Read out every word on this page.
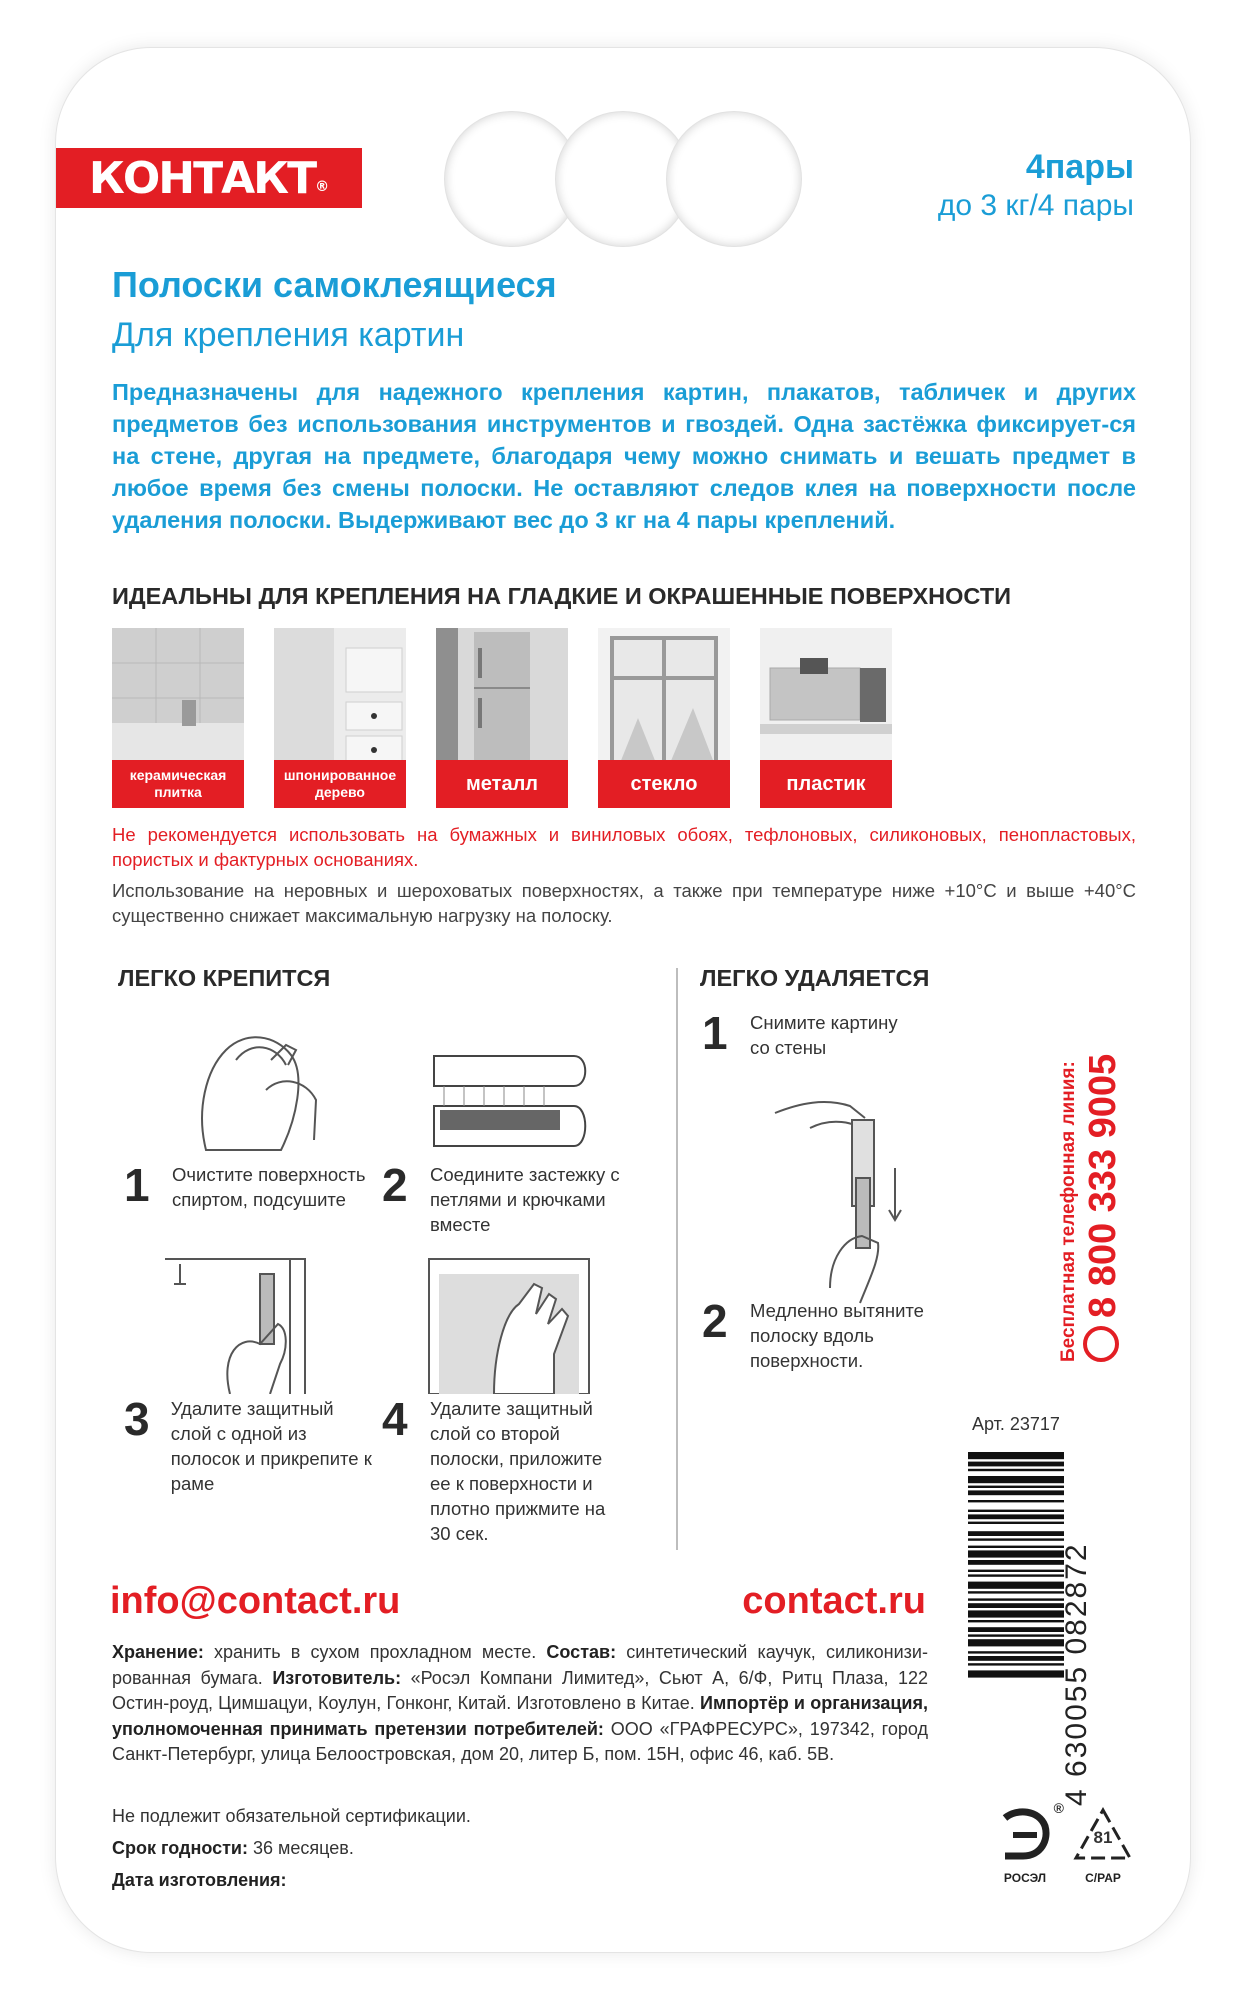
КОНТАКТ ®
4пары
до 3 кг/4 пары
Полоски самоклеящиеся
Для крепления картин
Предназначены для надежного крепления картин, плакатов, табличек и других предметов без использования инструментов и гвоздей. Одна застёжка фиксирует-ся на стене, другая на предмете, благодаря чему можно снимать и вешать предмет в любое время без смены полоски. Не оставляют следов клея на поверхности после удаления полоски. Выдерживают вес до 3 кг на 4 пары креплений.
ИДЕАЛЬНЫ ДЛЯ КРЕПЛЕНИЯ НА ГЛАДКИЕ И ОКРАШЕННЫЕ ПОВЕРХНОСТИ
керамическая плитка
шпонированное дерево	металл	стекло	пластик
Не рекомендуется использовать на бумажных и виниловых обоях, тефлоновых, силиконовых, пенопластовых, пористых и фактурных основаниях.
Использование на неровных и шероховатых поверхностях, а также при температуре ниже +10°C и выше +40°С существенно снижает максимальную нагрузку на полоску.
ЛЕГКО КРЕПИТСЯ	ЛЕГКО УДАЛЯЕТСЯ
1	Очистите поверхность спиртом, подсушите 2	Соедините застежку с петлями и крючками вместе
3	Удалите защитный слой с одной из полосок и прикрепите к раме
4	Удалите защитный слой со второй полоски, приложите ее к поверхности и плотно прижмите на 30 сек.
1	Снимите картину со стены
2	Медленно вытяните полоску вдоль поверхности.	Бесплатная телефонная линия: 8 800 333 9005
Арт. 23717
4 630055 082872
info@contact.ru	contact.ru
Хранение: хранить в сухом прохладном месте. Состав: синтетический каучук, силиконизи-рованная бумага. Изготовитель: «Росэл Компани Лимитед», Сьют А, 6/Ф, Ритц Плаза, 122 Остин-роуд, Цимшацуи, Коулун, Гонконг, Китай. Изготовлено в Китае. Импортёр и организация, уполномоченная принимать претензии потребителей: ООО «ГРАФРЕСУРС», 197342, город Санкт-Петербург, улица Белоостровская, дом 20, литер Б, пом. 15Н, офис 46, каб. 5В.
Не подлежит обязательной сертификации.
Срок годности: 36 месяцев.
Дата изготовления:
®
РОСЭЛ
81
C/PAP
